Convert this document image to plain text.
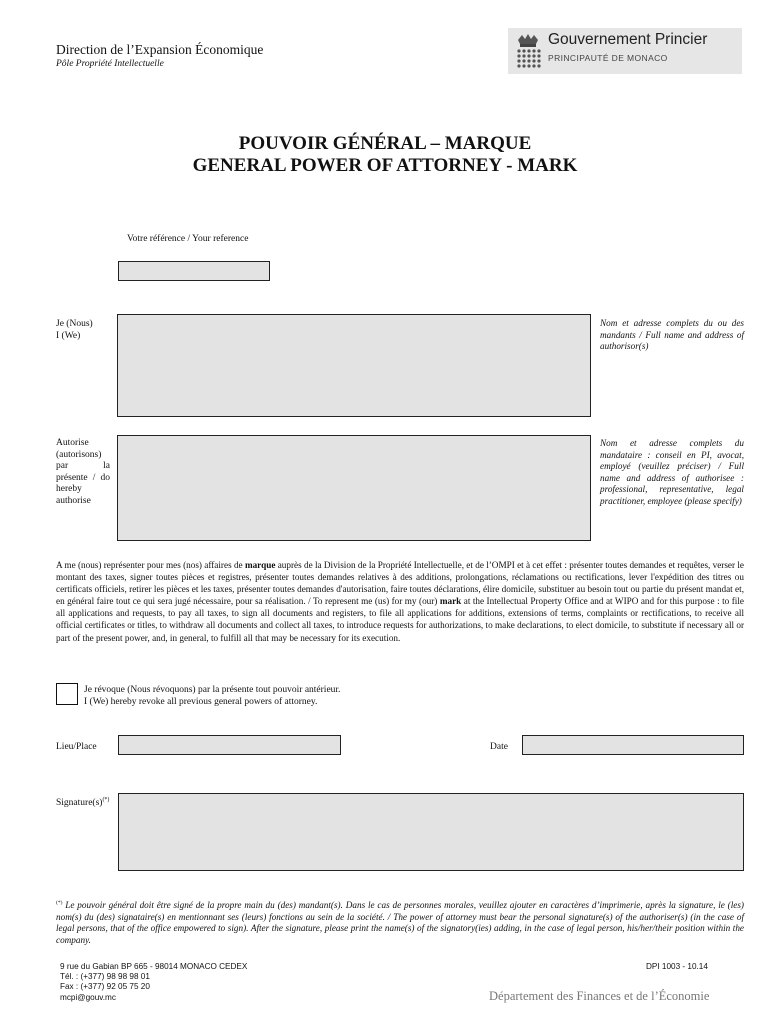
Direction de l’Expansion Économique
Pôle Propriété Intellectuelle
Gouvernement Princier
PRINCIPAUTÉ DE MONACO
POUVOIR GÉNÉRAL – MARQUE
GENERAL POWER OF ATTORNEY - MARK
Votre référence / Your reference
Je (Nous)
I (We)
Nom et adresse complets du ou des mandants / Full name and address of authorisor(s)
Autorise (autorisons) par la présente / do hereby authorise
Nom et adresse complets du mandataire : conseil en PI, avocat, employé (veuillez préciser) / Full name and address of authorisee : professional, representative, legal practitioner, employee (please specify)
A me (nous) représenter pour mes (nos) affaires de marque auprès de la Division de la Propriété Intellectuelle, et de l’OMPI et à cet effet : présenter toutes demandes et requêtes, verser le montant des taxes, signer toutes pièces et registres, présenter toutes demandes relatives à des additions, prolongations, réclamations ou rectifications, lever l'expédition des titres ou certificats officiels, retirer les pièces et les taxes, présenter toutes demandes d'autorisation, faire toutes déclarations, élire domicile, substituer au besoin tout ou partie du présent mandat et, en général faire tout ce qui sera jugé nécessaire, pour sa réalisation. / To represent me (us) for my (our) mark at the Intellectual Property Office and at WIPO and for this purpose : to file all applications and requests, to pay all taxes, to sign all documents and registers, to file all applications for additions, extensions of terms, complaints or rectifications, to receive all official certificates or titles, to withdraw all documents and collect all taxes, to introduce requests for authorizations, to make declarations, to elect domicile, to substitute if necessary all or part of the present power, and, in general, to fulfill all that may be necessary for its execution.
Je révoque (Nous révoquons) par la présente tout pouvoir antérieur.
I (We) hereby revoke all previous general powers of attorney.
Lieu/Place	Date
Signature(s)(*)
(*) Le pouvoir général doit être signé de la propre main du (des) mandant(s). Dans le cas de personnes morales, veuillez ajouter en caractères d’imprimerie, après la signature, le (les) nom(s) du (des) signataire(s) en mentionnant ses (leurs) fonctions au sein de la société. / The power of attorney must bear the personal signature(s) of the authoriser(s) (in the case of legal persons, that of the office empowered to sign). After the signature, please print the name(s) of the signatory(ies) adding, in the case of legal person, his/her/their position within the company.
9 rue du Gabian BP 665 - 98014 MONACO CEDEX
Tél. : (+377) 98 98 98 01
Fax : (+377) 92 05 75 20
mcpi@gouv.mc
DPI 1003 - 10.14
Département des Finances et de l’Économie
